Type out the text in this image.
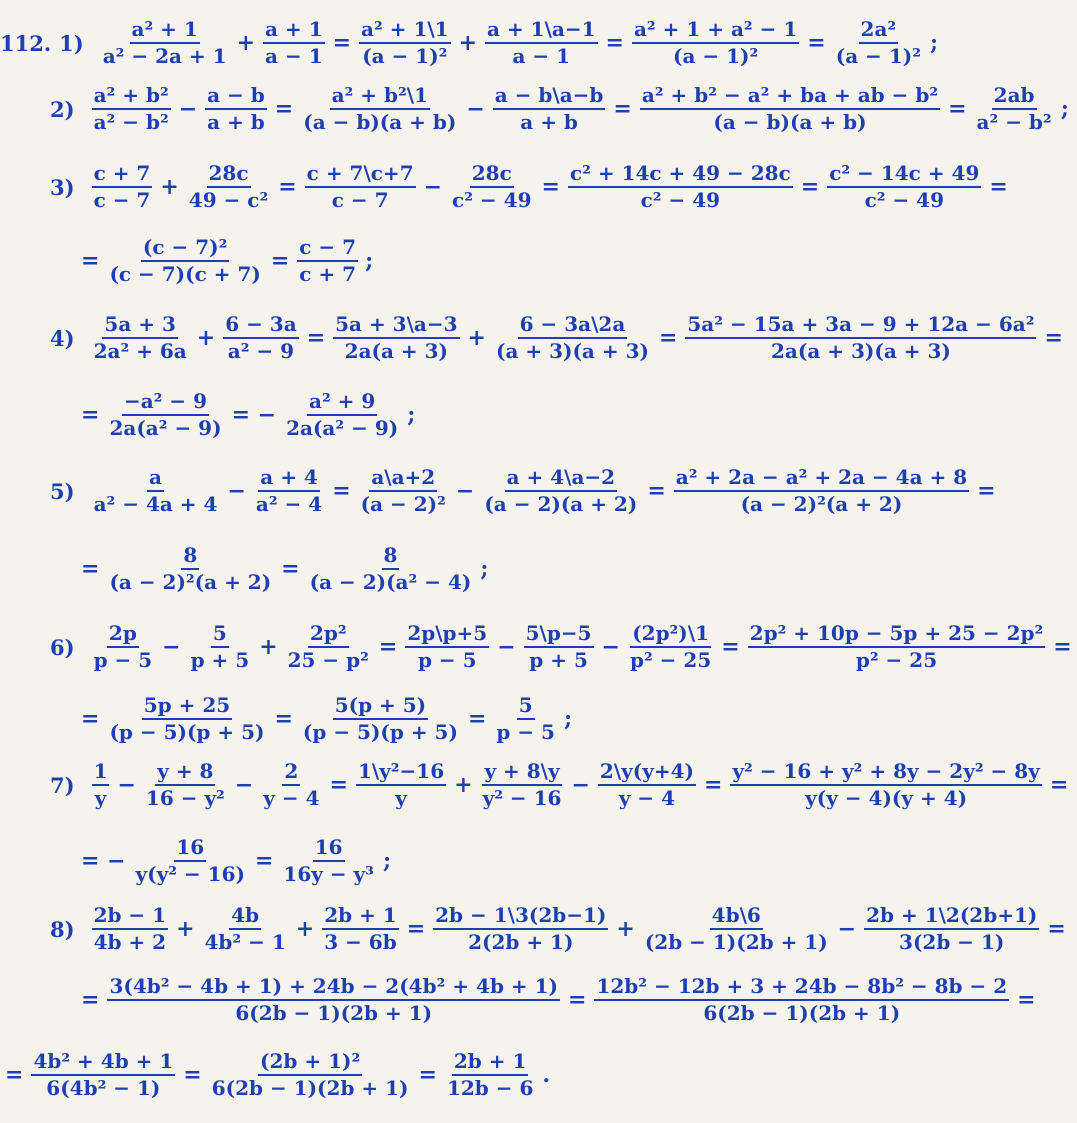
112. $1) \frac{\text{a² + 1}}{\text{a² − 2a + 1}} + \frac{a + 1}{a - 1} = \frac{\text{a² + 1\textbackslash{}1}}{\text{(a − 1)²}} + \frac{a + 1\backslash a-1}{a - 1} = \frac{\text{a² + 1 + a² − 1}}{\text{(a − 1)²}} = \frac{\text{2a²}}{\text{(a − 1)²}}$ ;
$2) \frac{\text{a² + b²}}{\text{a² − b²}} - \frac{a - b}{a + b} = \frac{\text{a² + b²\textbackslash{}1}}{(a - b)(a + b)} - \frac{a - b\backslash a-b}{a + b} = \frac{\text{a² + b² − a² + ba + ab − b²}}{(a - b)(a + b)} = \frac{2ab}{\text{a² − b²}}$ ;
$3) \frac{c + 7}{c - 7} + \frac{28c}{\text{49 − c²}} = \frac{c + 7\backslash c+7}{c - 7} - \frac{28c}{\text{c² − 49}} = \frac{\text{c² + 14c + 49 − 28c}}{\text{c² − 49}} = \frac{\text{c² − 14c + 49}}{\text{c² − 49}}$ =
= $\frac{\text{(c − 7)²}}{(c - 7)(c + 7)} = \frac{c - 7}{c + 7}$ ;
$4) \frac{5a + 3}{\text{2a² + 6a}} + \frac{6 - 3a}{\text{a² − 9}} = \frac{5a + 3\backslash a-3}{2a(a + 3)} + \frac{6 - 3a\backslash 2a}{(a + 3)(a + 3)} = \frac{\text{5a² − 15a + 3a − 9 + 12a − 6a²}}{2a(a + 3)(a + 3)}$ =
= $\frac{\text{−a² − 9}}{\text{2a(a² − 9)}}$ = − $\frac{\text{a² + 9}}{\text{2a(a² − 9)}}$ ;
$5) \frac{a}{\text{a² − 4a + 4}} - \frac{a + 4}{\text{a² − 4}} = \frac{a\backslash a+2}{\text{(a − 2)²}} - \frac{a + 4\backslash a-2}{(a - 2)(a + 2)} = \frac{\text{a² + 2a − a² + 2a − 4a + 8}}{\text{(a − 2)²(a + 2)}}$ =
= $\frac{8}{\text{(a − 2)²(a + 2)}} = \frac{8}{\text{(a − 2)(a² − 4)}}$ ;
$6) \frac{2p}{p - 5} - \frac{5}{p + 5} + \frac{\text{2p²}}{\text{25 − p²}} = \frac{2p\backslash p+5}{p - 5} - \frac{5\backslash p-5}{p + 5} - \frac{\text{(2p²)\textbackslash{}1}}{\text{p² − 25}} = \frac{\text{2p² + 10p − 5p + 25 − 2p²}}{\text{p² − 25}}$ =
= $\frac{5p + 25}{(p - 5)(p + 5)} = \frac{5(p + 5)}{(p - 5)(p + 5)} = \frac{5}{p - 5}$ ;
$7) \frac{1}{y} - \frac{y + 8}{\text{16 − y²}} - \frac{2}{y - 4} = \frac{\text{1\textbackslash{}y²−16}}{y} + \frac{y + 8\backslash y}{\text{y² − 16}} - \frac{2\backslash y(y+4)}{y - 4} = \frac{\text{y² − 16 + y² + 8y − 2y² − 8y}}{y(y - 4)(y + 4)}$ =
= − $\frac{16}{\text{y(y² − 16)}} = \frac{16}{\text{16y − y³}}$ ;
$8) \frac{2b - 1}{4b + 2} + \frac{4b}{\text{4b² − 1}} + \frac{2b + 1}{3 - 6b} = \frac{2b - 1\backslash 3(2b-1)}{2(2b + 1)} + \frac{4b\backslash 6}{(2b - 1)(2b + 1)} - \frac{2b + 1\backslash 2(2b+1)}{3(2b - 1)}$ =
= $\frac{\text{3(4b² − 4b + 1) + 24b − 2(4b² + 4b + 1)}}{6(2b - 1)(2b + 1)} = \frac{\text{12b² − 12b + 3 + 24b − 8b² − 8b − 2}}{6(2b - 1)(2b + 1)}$ =
= $\frac{\text{4b² + 4b + 1}}{\text{6(4b² − 1)}} = \frac{\text{(2b + 1)²}}{6(2b - 1)(2b + 1)} = \frac{2b + 1}{12b - 6}$ .
